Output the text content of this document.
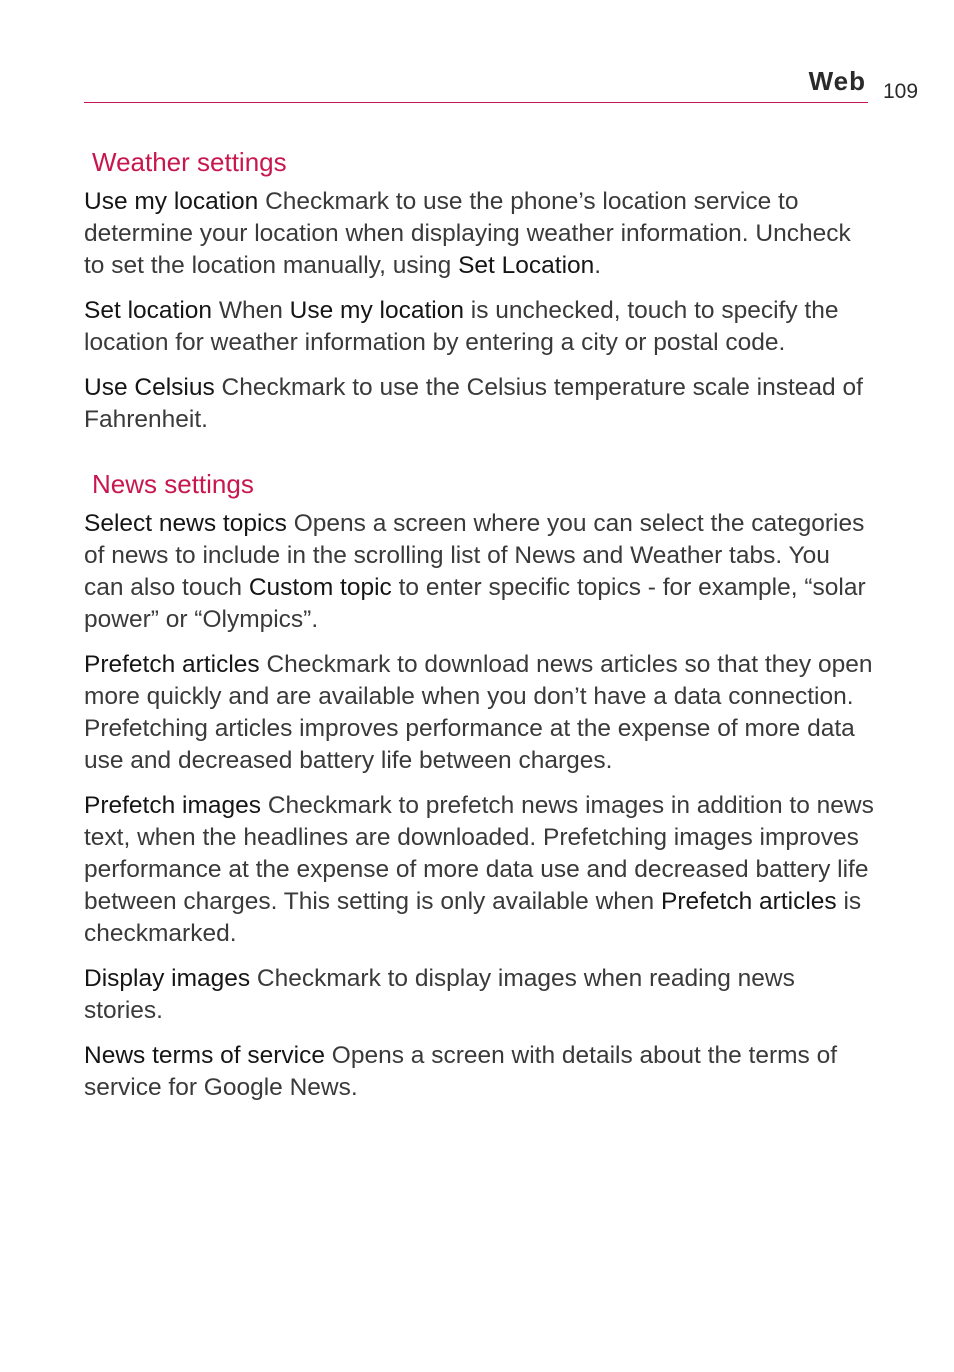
Web 109
Weather settings

Use my location Checkmark to use the phone’s location service to determine your location when displaying weather information. Uncheck to set the location manually, using Set Location.

Set location When Use my location is unchecked, touch to specify the location for weather information by entering a city or postal code.

Use Celsius Checkmark to use the Celsius temperature scale instead of Fahrenheit.

News settings

Select news topics Opens a screen where you can select the categories of news to include in the scrolling list of News and Weather tabs. You can also touch Custom topic to enter specific topics - for example, “solar power” or “Olympics”.

Prefetch articles Checkmark to download news articles so that they open more quickly and are available when you don’t have a data connection. Prefetching articles improves performance at the expense of more data use and decreased battery life between charges.

Prefetch images Checkmark to prefetch news images in addition to news text, when the headlines are downloaded. Prefetching images improves performance at the expense of more data use and decreased battery life between charges. This setting is only available when Prefetch articles is checkmarked.

Display images Checkmark to display images when reading news stories.

News terms of service Opens a screen with details about the terms of service for Google News.
